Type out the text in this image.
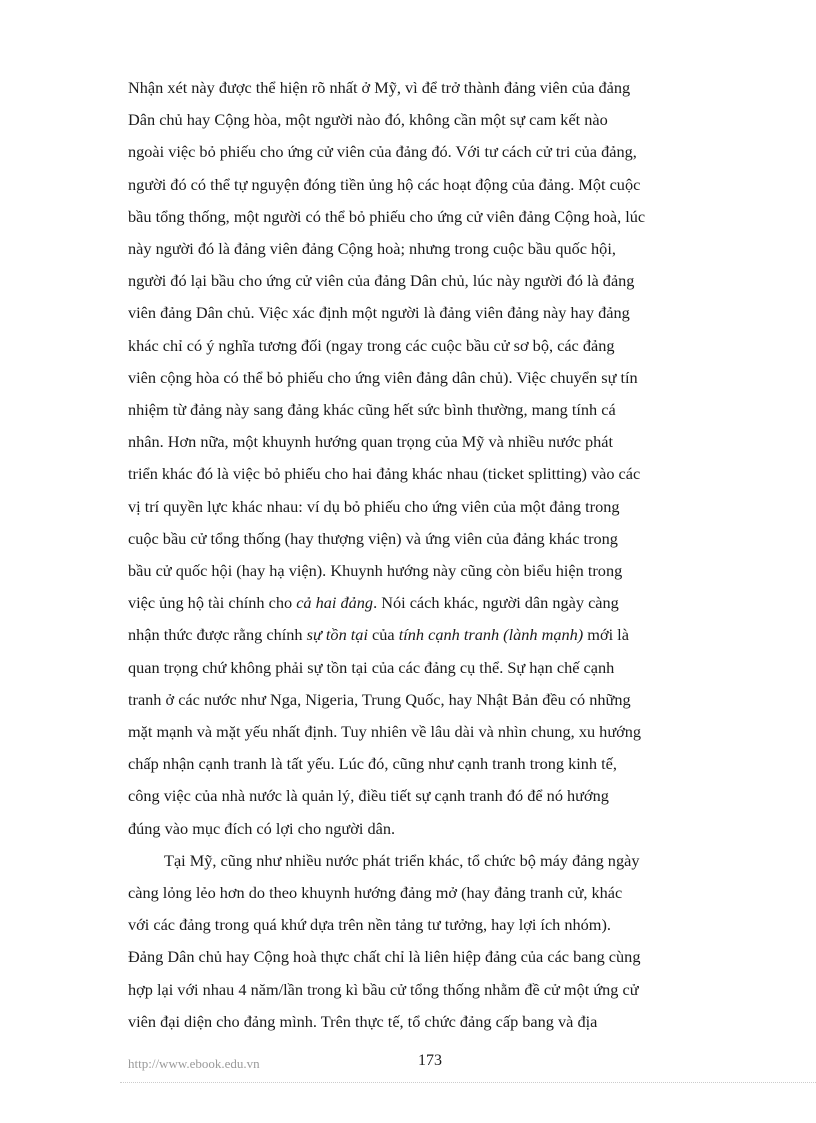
Nhận xét này được thể hiện rõ nhất ở Mỹ, vì để trở thành đảng viên của đảng
Dân chủ hay Cộng hòa, một người nào đó, không cần một sự cam kết nào
ngoài việc bỏ phiếu cho ứng cử viên của đảng đó. Với tư cách cử tri của đảng,
người đó có thể tự nguyện đóng tiền ủng hộ các hoạt động của đảng. Một cuộc
bầu tổng thống, một người có thể bỏ phiếu cho ứng cử viên đảng Cộng hoà, lúc
này người đó là đảng viên đảng Cộng hoà; nhưng trong cuộc bầu quốc hội,
người đó lại bầu cho ứng cử viên của đảng Dân chủ, lúc này người đó là đảng
viên đảng Dân chủ. Việc xác định một người là đảng viên đảng này hay đảng
khác chỉ có ý nghĩa tương đối (ngay trong các cuộc bầu cử sơ bộ, các đảng
viên cộng hòa có thể bỏ phiếu cho ứng viên đảng dân chủ). Việc chuyển sự tín
nhiệm từ đảng này sang đảng khác cũng hết sức bình thường, mang tính cá
nhân. Hơn nữa, một khuynh hướng quan trọng của Mỹ và nhiều nước phát
triển khác đó là việc bỏ phiếu cho hai đảng khác nhau (ticket splitting) vào các
vị trí quyền lực khác nhau: ví dụ bỏ phiếu cho ứng viên của một đảng trong
cuộc bầu cử tổng thống (hay thượng viện) và ứng viên của đảng khác trong
bầu cử quốc hội (hay hạ viện). Khuynh hướng này cũng còn biểu hiện trong
việc ủng hộ tài chính cho cả hai đảng. Nói cách khác, người dân ngày càng
nhận thức được rằng chính sự tồn tại của tính cạnh tranh (lành mạnh) mới là
quan trọng chứ không phải sự tồn tại của các đảng cụ thể. Sự hạn chế cạnh
tranh ở các nước như Nga, Nigeria, Trung Quốc, hay Nhật Bản đều có những
mặt mạnh và mặt yếu nhất định. Tuy nhiên về lâu dài và nhìn chung, xu hướng
chấp nhận cạnh tranh là tất yếu. Lúc đó, cũng như cạnh tranh trong kinh tế,
công việc của nhà nước là quản lý, điều tiết sự cạnh tranh đó để nó hướng
đúng vào mục đích có lợi cho người dân.

Tại Mỹ, cũng như nhiều nước phát triển khác, tổ chức bộ máy đảng ngày
càng lỏng lẻo hơn do theo khuynh hướng đảng mở (hay đảng tranh cử, khác
với các đảng trong quá khứ dựa trên nền tảng tư tưởng, hay lợi ích nhóm).
Đảng Dân chủ hay Cộng hoà thực chất chỉ là liên hiệp đảng của các bang cùng
hợp lại với nhau 4 năm/lần trong kì bầu cử tổng thống nhằm đề cử một ứng cử
viên đại diện cho đảng mình. Trên thực tế, tổ chức đảng cấp bang và địa

http://www.ebook.edu.vn	173
